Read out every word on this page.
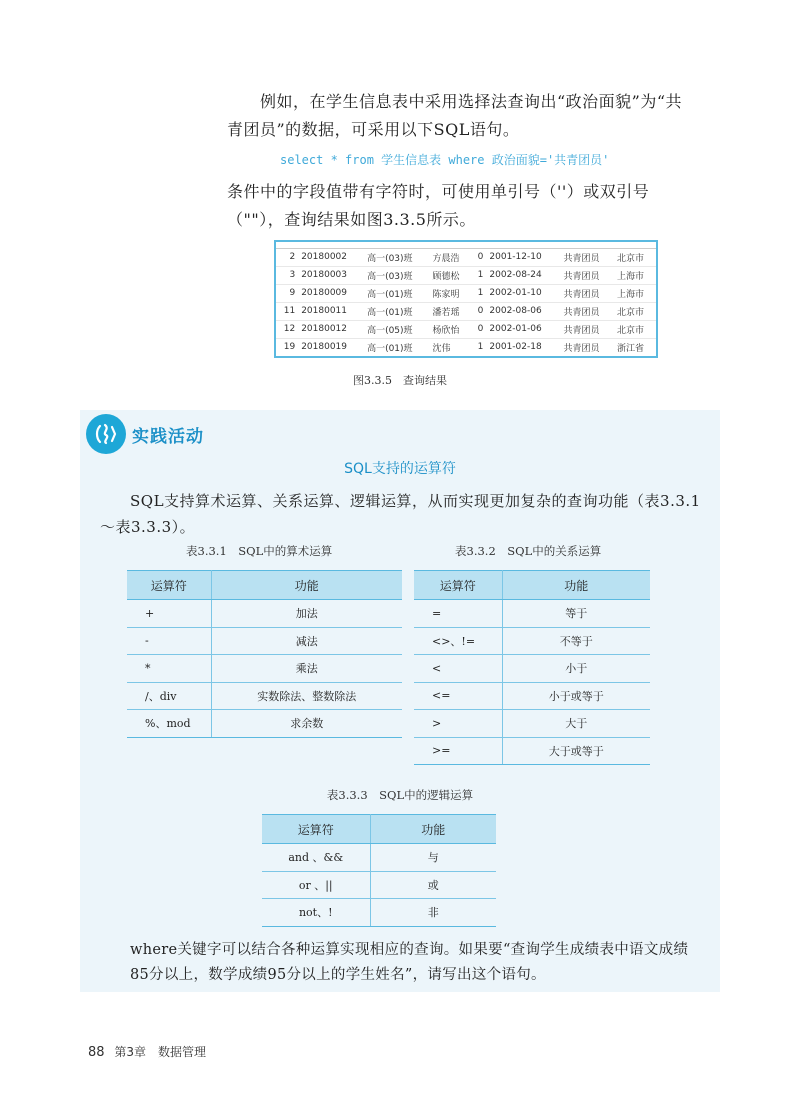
例如，在学生信息表中采用选择法查询出“政治面貌”为“共青团员”的数据，可采用以下SQL语句。

select * from 学生信息表 where 政治面貌='共青团员'

条件中的字段值带有字符时，可使用单引号（''）或双引号（""），查询结果如图3.3.5所示。

2	20180002	高一(03)班	方晨浩	0	2001-12-10	共青团员	北京市
3	20180003	高一(03)班	顾德松	1	2002-08-24	共青团员	上海市
9	20180009	高一(01)班	陈家明	1	2002-01-10	共青团员	上海市
11	20180011	高一(01)班	潘若瑶	0	2002-08-06	共青团员	北京市
12	20180012	高一(05)班	杨欣怡	0	2002-01-06	共青团员	北京市
19	20180019	高一(01)班	沈伟	1	2001-02-18	共青团员	浙江省
图3.3.5　查询结果
实践活动
SQL支持的运算符

SQL支持算术运算、关系运算、逻辑运算，从而实现更加复杂的查询功能（表3.3.1～表3.3.3）。

where关键字可以结合各种运算实现相应的查询。如果要“查询学生成绩表中语文成绩85分以上，数学成绩95分以上的学生姓名”，请写出这个语句。

表3.3.1　SQL中的算术运算
运算符	功能
+	加法
-	减法
*	乘法
/、div	实数除法、整数除法
%、mod	求余数
表3.3.2　SQL中的关系运算
运算符	功能
=	等于
<>、!=	不等于
<	小于
<=	小于或等于
>	大于
>=	大于或等于
表3.3.3　SQL中的逻辑运算
运算符	功能
and 、&&	与
or 、||	或
not、!	非
88 第3章　数据管理
